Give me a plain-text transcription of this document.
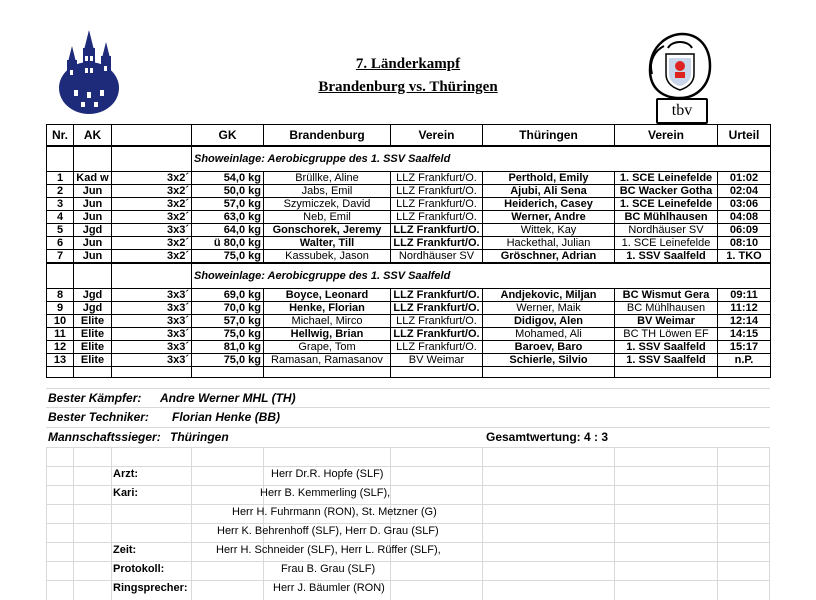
7. Länderkampf
Brandenburg vs. Thüringen
tbv
Nr.	AK		GK	Brandenburg	Verein	Thüringen	Verein	Urteil
			Showeinlage: Aerobicgruppe des 1. SSV Saalfeld					
1	Kad w	3x2´	54,0 kg	Brüllke, Aline	LLZ Frankfurt/O.	Perthold, Emily	1. SCE Leinefelde	01:02
2	Jun	3x2´	50,0 kg	Jabs, Emil	LLZ Frankfurt/O.	Ajubi, Ali Sena	BC Wacker Gotha	02:04
3	Jun	3x2´	57,0 kg	Szymiczek, David	LLZ Frankfurt/O.	Heiderich, Casey	1. SCE Leinefelde	03:06
4	Jun	3x2´	63,0 kg	Neb, Emil	LLZ Frankfurt/O.	Werner, Andre	BC Mühlhausen	04:08
5	Jgd	3x3´	64,0 kg	Gonschorek, Jeremy	LLZ Frankfurt/O.	Wittek, Kay	Nordhäuser SV	06:09
6	Jun	3x2´	ü 80,0 kg	Walter, Till	LLZ Frankfurt/O.	Hackethal, Julian	1. SCE Leinefelde	08:10
7	Jun	3x2´	75,0 kg	Kassubek, Jason	Nordhäuser SV	Gröschner, Adrian	1. SSV Saalfeld	1. TKO
			Showeinlage: Aerobicgruppe des 1. SSV Saalfeld					
8	Jgd	3x3´	69,0 kg	Boyce, Leonard	LLZ Frankfurt/O.	Andjekovic, Miljan	BC Wismut Gera	09:11
9	Jgd	3x3´	70,0 kg	Henke, Florian	LLZ Frankfurt/O.	Werner, Maik	BC Mühlhausen	11:12
10	Elite	3x3´	57,0 kg	Michael, Mirco	LLZ Frankfurt/O.	Didigov, Alen	BV Weimar	12:14
11	Elite	3x3´	75,0 kg	Hellwig, Brian	LLZ Frankfurt/O.	Mohamed, Ali	BC TH Löwen EF	14:15
12	Elite	3x3´	81,0 kg	Grape, Tom	LLZ Frankfurt/O.	Baroev, Baro	1. SSV Saalfeld	15:17
13	Elite	3x3´	75,0 kg	Ramasan, Ramasanov	BV Weimar	Schierle, Silvio	1. SSV Saalfeld	n.P.

Bester Kämpfer: Andre Werner MHL (TH)
Bester Techniker: Florian Henke (BB)
Mannschaftssieger: Thüringen	Gesamtwertung: 4 : 3
Arzt:	Herr Dr.R. Hopfe (SLF)
Kari:	Herr B. Kemmerling (SLF),
Herr H. Fuhrmann (RON), St. Metzner (G)
Herr K. Behrenhoff (SLF), Herr D. Grau (SLF)
Zeit:	Herr H. Schneider (SLF), Herr L. Rüffer (SLF),
Protokoll:	Frau B. Grau (SLF)
Ringsprecher:	Herr J. Bäumler (RON)
